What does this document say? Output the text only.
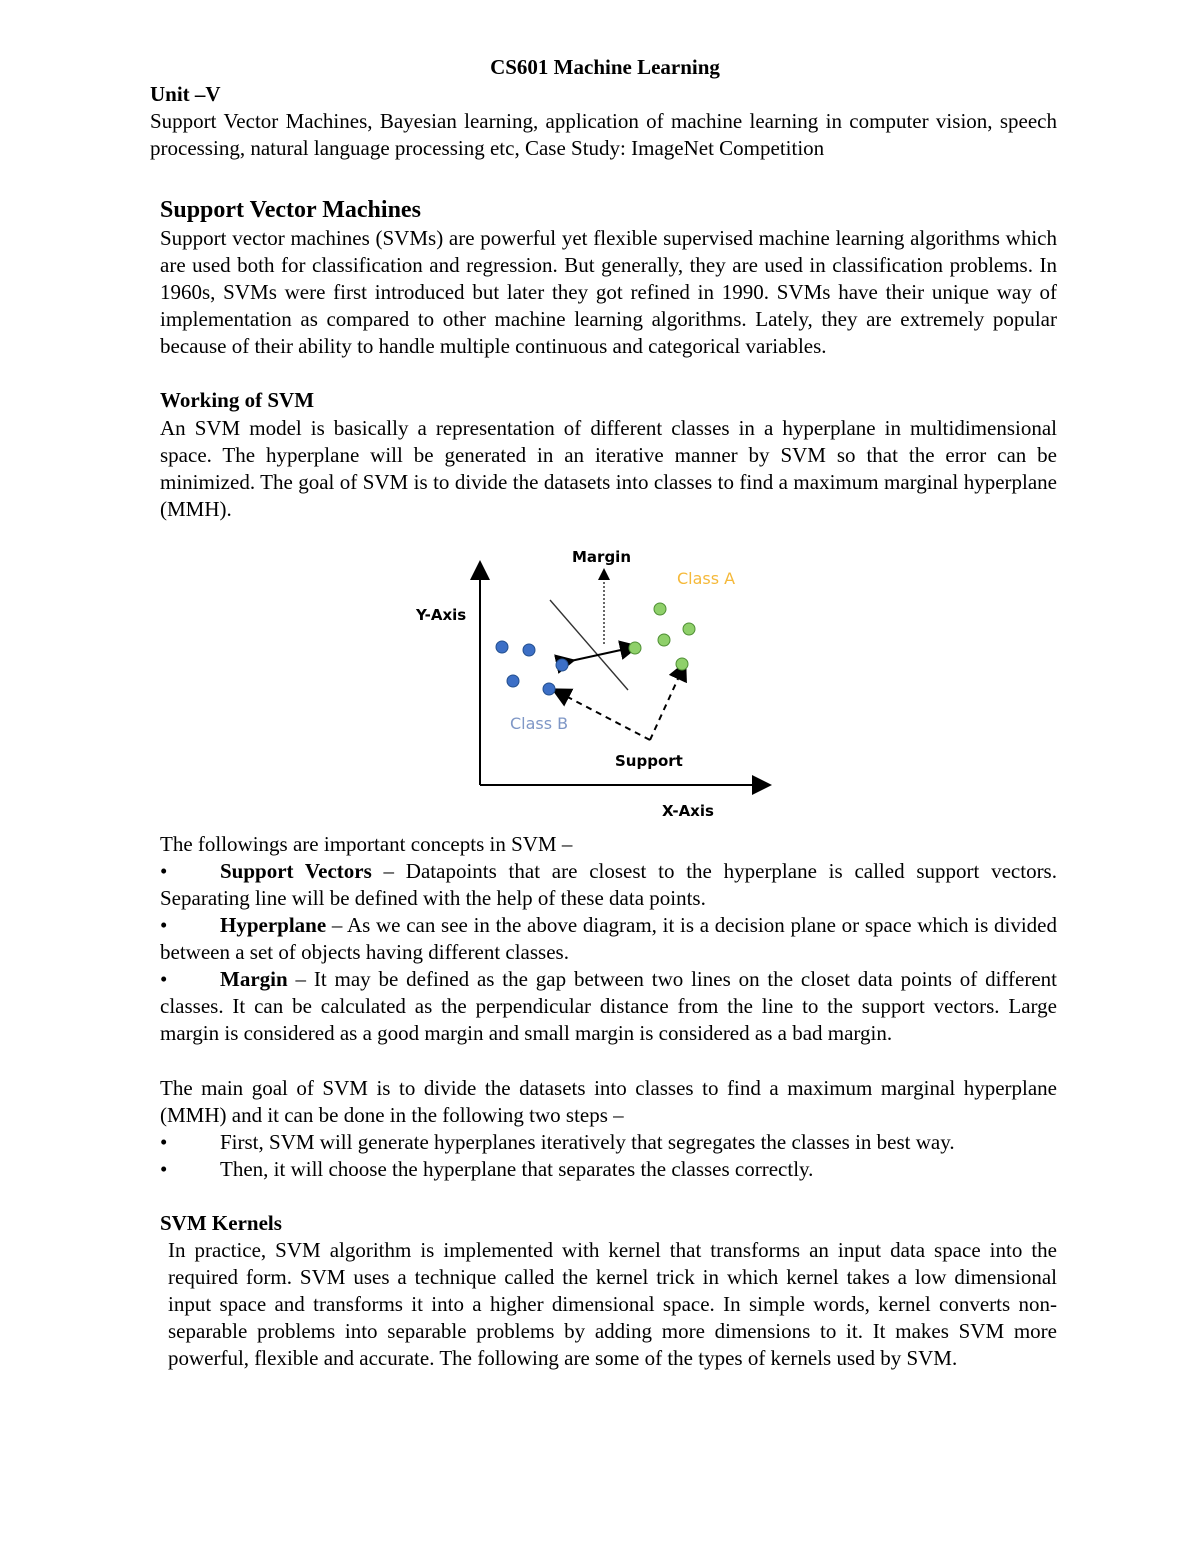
CS601 Machine Learning
Unit –V
Support Vector Machines, Bayesian learning, application of machine learning in computer vision, speech processing, natural language processing etc, Case Study: ImageNet Competition
Support Vector Machines
Support vector machines (SVMs) are powerful yet flexible supervised machine learning algorithms which are used both for classification and regression. But generally, they are used in classification problems. In 1960s, SVMs were first introduced but later they got refined in 1990. SVMs have their unique way of implementation as compared to other machine learning algorithms. Lately, they are extremely popular because of their ability to handle multiple continuous and categorical variables.
Working of SVM
An SVM model is basically a representation of different classes in a hyperplane in multidimensional space. The hyperplane will be generated in an iterative manner by SVM so that the error can be minimized. The goal of SVM is to divide the datasets into classes to find a maximum marginal hyperplane (MMH).
Margin
Class A
Y-Axis
Class B
Support
X-Axis
The followings are important concepts in SVM –
•	Support Vectors – Datapoints that are closest to the hyperplane is called support vectors. Separating line will be defined with the help of these data points.
•	Hyperplane – As we can see in the above diagram, it is a decision plane or space which is divided between a set of objects having different classes.
•	Margin – It may be defined as the gap between two lines on the closet data points of different classes. It can be calculated as the perpendicular distance from the line to the support vectors. Large margin is considered as a good margin and small margin is considered as a bad margin.
The main goal of SVM is to divide the datasets into classes to find a maximum marginal hyperplane (MMH) and it can be done in the following two steps –
•	First, SVM will generate hyperplanes iteratively that segregates the classes in best way.
•	Then, it will choose the hyperplane that separates the classes correctly.
SVM Kernels
In practice, SVM algorithm is implemented with kernel that transforms an input data space into the required form. SVM uses a technique called the kernel trick in which kernel takes a low dimensional input space and transforms it into a higher dimensional space. In simple words, kernel converts non-separable problems into separable problems by adding more dimensions to it. It makes SVM more powerful, flexible and accurate. The following are some of the types of kernels used by SVM.
